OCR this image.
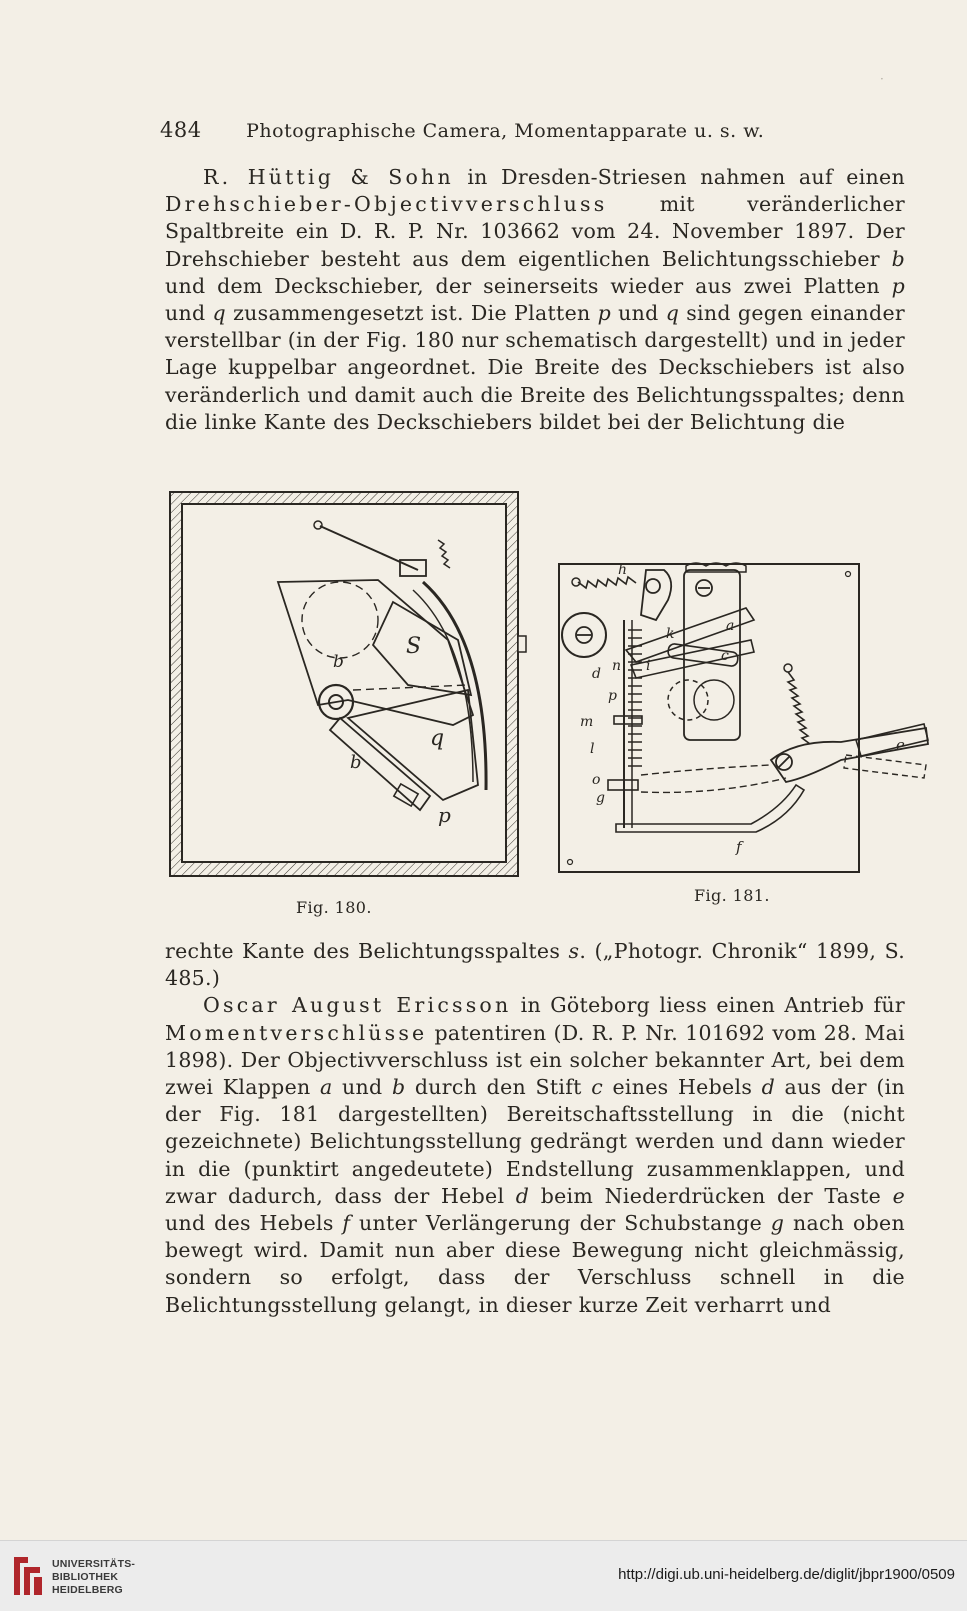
·
484 Photographische Camera, Momentapparate u. s. w.

R. Hüttig & Sohn in Dresden-Striesen nahmen auf einen Drehschieber-Objectivverschluss mit veränderlicher Spaltbreite ein D. R. P. Nr. 103662 vom 24. November 1897. Der Drehschieber besteht aus dem eigentlichen Belichtungsschieber b und dem Deckschieber, der seinerseits wieder aus zwei Platten p und q zusammengesetzt ist. Die Platten p und q sind gegen einander verstellbar (in der Fig. 180 nur schematisch dargestellt) und in jeder Lage kuppelbar angeordnet. Die Breite des Deckschiebers ist also veränderlich und damit auch die Breite des Belichtungsspaltes; denn die linke Kante des Deckschiebers bildet bei der Belichtung die

S
b
q
b
p
Fig. 180.
h
k	a
c
d n i
p
m
l
o
g
f
e
Fig. 181.

rechte Kante des Belichtungsspaltes s. („Photogr. Chronik“ 1899, S. 485.)

Oscar August Ericsson in Göteborg liess einen Antrieb für Momentverschlüsse patentiren (D. R. P. Nr. 101692 vom 28. Mai 1898). Der Objectivverschluss ist ein solcher bekannter Art, bei dem zwei Klappen a und b durch den Stift c eines Hebels d aus der (in der Fig. 181 dargestellten) Bereitschaftsstellung in die (nicht gezeichnete) Belichtungsstellung gedrängt werden und dann wieder in die (punktirt angedeutete) Endstellung zusammenklappen, und zwar dadurch, dass der Hebel d beim Niederdrücken der Taste e und des Hebels f unter Verlängerung der Schubstange g nach oben bewegt wird. Damit nun aber diese Bewegung nicht gleichmässig, sondern so erfolgt, dass der Verschluss schnell in die Belichtungsstellung gelangt, in dieser kurze Zeit verharrt und

UNIVERSITÄTS-
BIBLIOTHEK
HEIDELBERG
http://digi.ub.uni-heidelberg.de/diglit/jbpr1900/0509
